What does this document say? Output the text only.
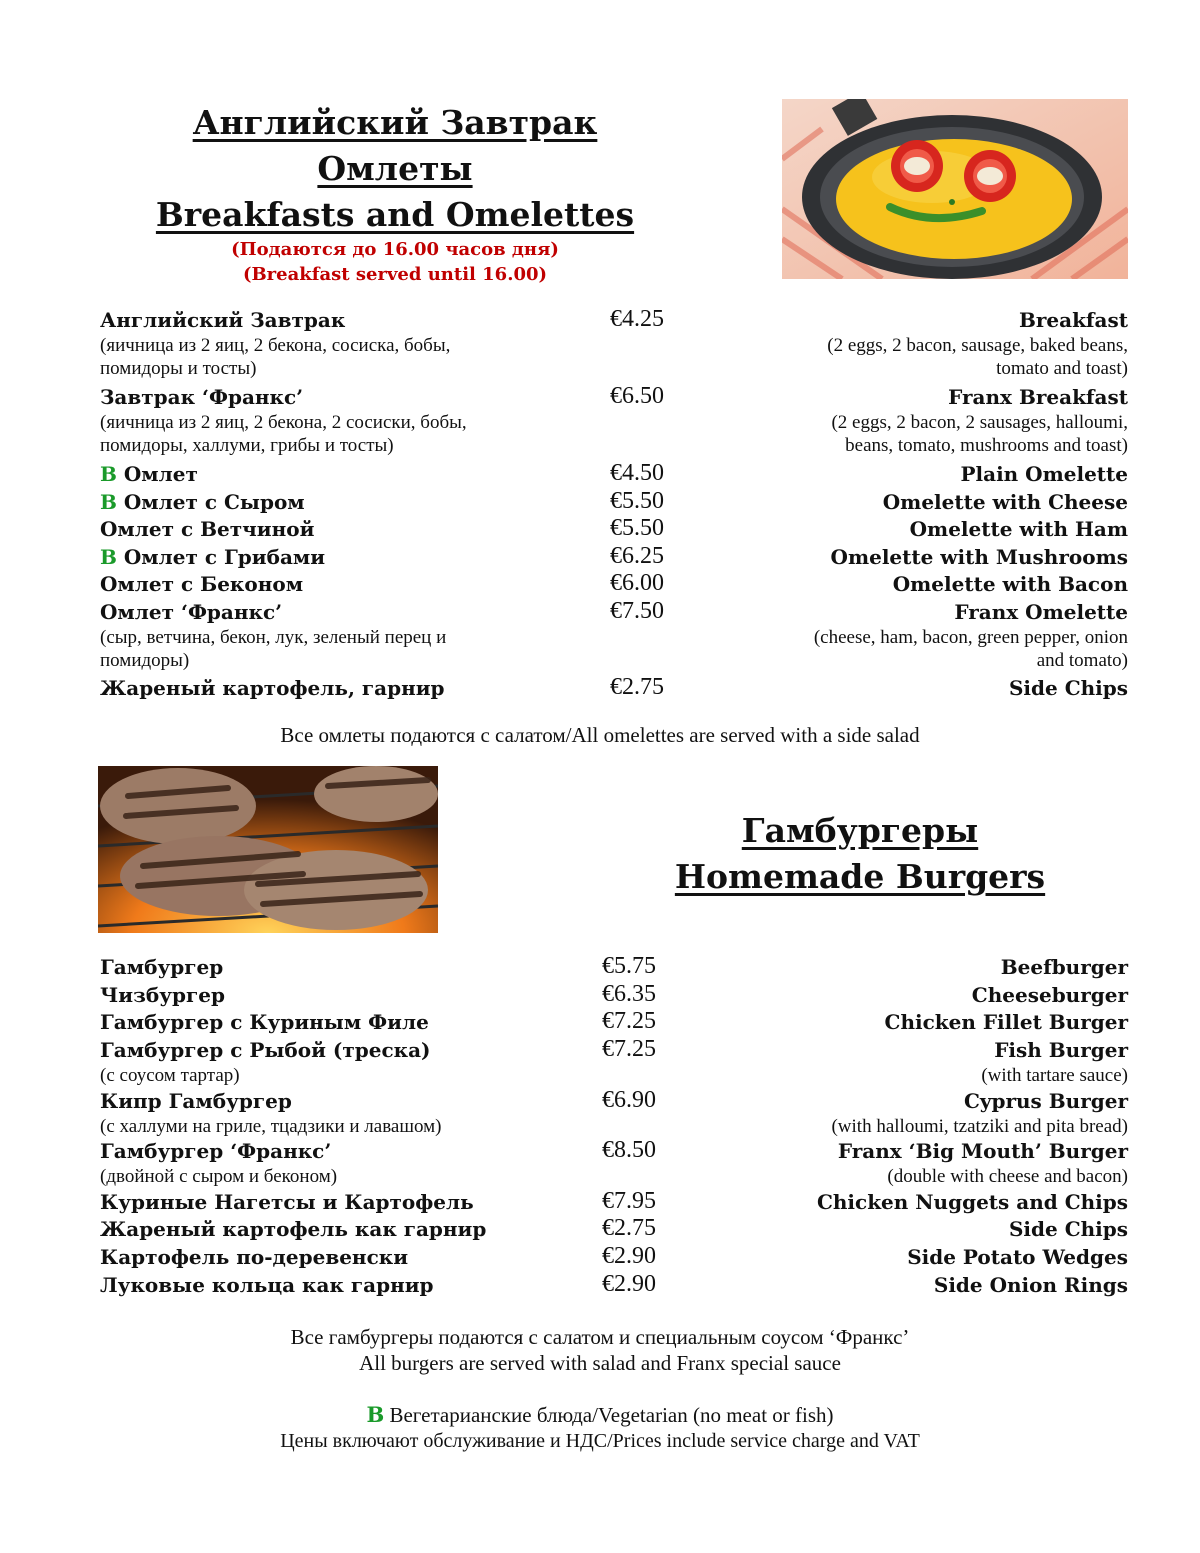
Английский Завтрак
Омлеты
Breakfasts and Omelettes
(Подаются до 16.00 часов дня)
(Breakfast served until 16.00)
Английский Завтрак	€4.25	Breakfast
(яичница из 2 яиц, 2 бекона, сосиска, бобы,
помидоры и тосты)
(2 eggs, 2 bacon, sausage, baked beans,
tomato and toast)
Завтрак ‘Франкс’	€6.50	Franx Breakfast
(яичница из 2 яиц, 2 бекона, 2 сосиски, бобы,
помидоры, халлуми, грибы и тосты)
(2 eggs, 2 bacon, 2 sausages, halloumi,
beans, tomato, mushrooms and toast)
B Омлет	€4.50	Plain Omelette
B Омлет с Сыром	€5.50	Omelette with Cheese
Омлет с Ветчиной	€5.50	Omelette with Ham
B Омлет с Грибами	€6.25	Omelette with Mushrooms
Омлет с Беконом	€6.00	Omelette with Bacon
Омлет ‘Франкс’	€7.50	Franx Omelette
(сыр, ветчина, бекон, лук, зеленый перец и
помидоры)
(cheese, ham, bacon, green pepper, onion
and tomato)
Жареный картофель, гарнир	€2.75	Side Chips
Все омлеты подаются с салатом/All omelettes are served with a side salad
Гамбургеры
Homemade Burgers
Гамбургер	€5.75	Beefburger
Чизбургер	€6.35	Cheeseburger
Гамбургер с Куриным Филе	€7.25	Chicken Fillet Burger
Гамбургер с Рыбой (треска)	€7.25	Fish Burger
(с соусом тартар)	(with tartare sauce)
Кипр Гамбургер	€6.90	Cyprus Burger
(с халлуми на гриле, тцадзики и лавашом)	(with halloumi, tzatziki and pita bread)
Гамбургер ‘Франкс’	€8.50	Franx ‘Big Mouth’ Burger
(двойной с сыром и беконом)	(double with cheese and bacon)
Куриные Нагетсы и Картофель	€7.95	Chicken Nuggets and Chips
Жареный картофель как гарнир	€2.75	Side Chips
Картофель по-деревенски	€2.90	Side Potato Wedges
Луковые кольца как гарнир	€2.90	Side Onion Rings
Все гамбургеры подаются с салатом и специальным соусом ‘Франкс’
All burgers are served with salad and Franx special sauce
B Вегетарианские блюда/Vegetarian (no meat or fish)
Цены включают обслуживание и НДС/Prices include service charge and VAT
